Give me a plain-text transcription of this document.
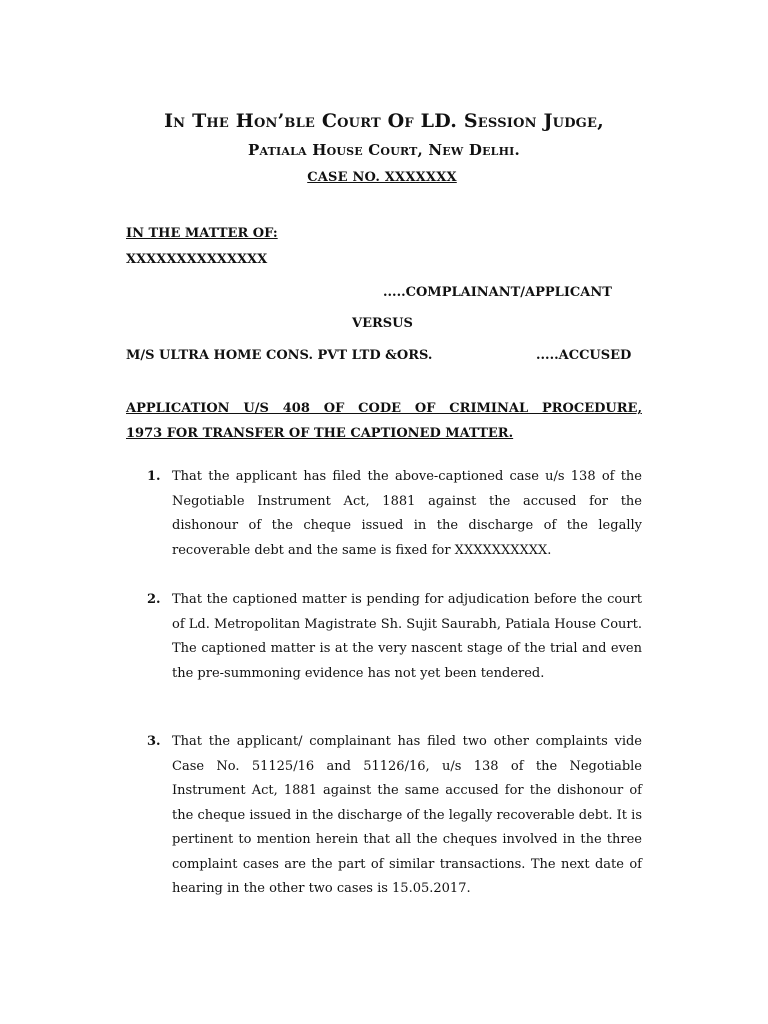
In The Hon’ble Court Of LD. Session Judge,
Patiala House Court, New Delhi.
CASE NO. XXXXXXX
IN THE MATTER OF:
XXXXXXXXXXXXXX
.....COMPLAINANT/APPLICANT
VERSUS
M/S ULTRA HOME CONS. PVT LTD &ORS.	.....ACCUSED
APPLICATION U/S 408 OF CODE OF CRIMINAL PROCEDURE,
1973 FOR TRANSFER OF THE CAPTIONED MATTER.
1. That the applicant has filed the above-captioned case u/s 138 of the Negotiable Instrument Act, 1881 against the accused for the dishonour of the cheque issued in the discharge of the legally recoverable debt and the same is fixed for XXXXXXXXXX.
2. That the captioned matter is pending for adjudication before the court of Ld. Metropolitan Magistrate Sh. Sujit Saurabh, Patiala House Court. The captioned matter is at the very nascent stage of the trial and even the pre-summoning evidence has not yet been tendered.
3. That the applicant/ complainant has filed two other complaints vide Case No. 51125/16 and 51126/16, u/s 138 of the Negotiable Instrument Act, 1881 against the same accused for the dishonour of the cheque issued in the discharge of the legally recoverable debt. It is pertinent to mention herein that all the cheques involved in the three complaint cases are the part of similar transactions. The next date of hearing in the other two cases is 15.05.2017.
